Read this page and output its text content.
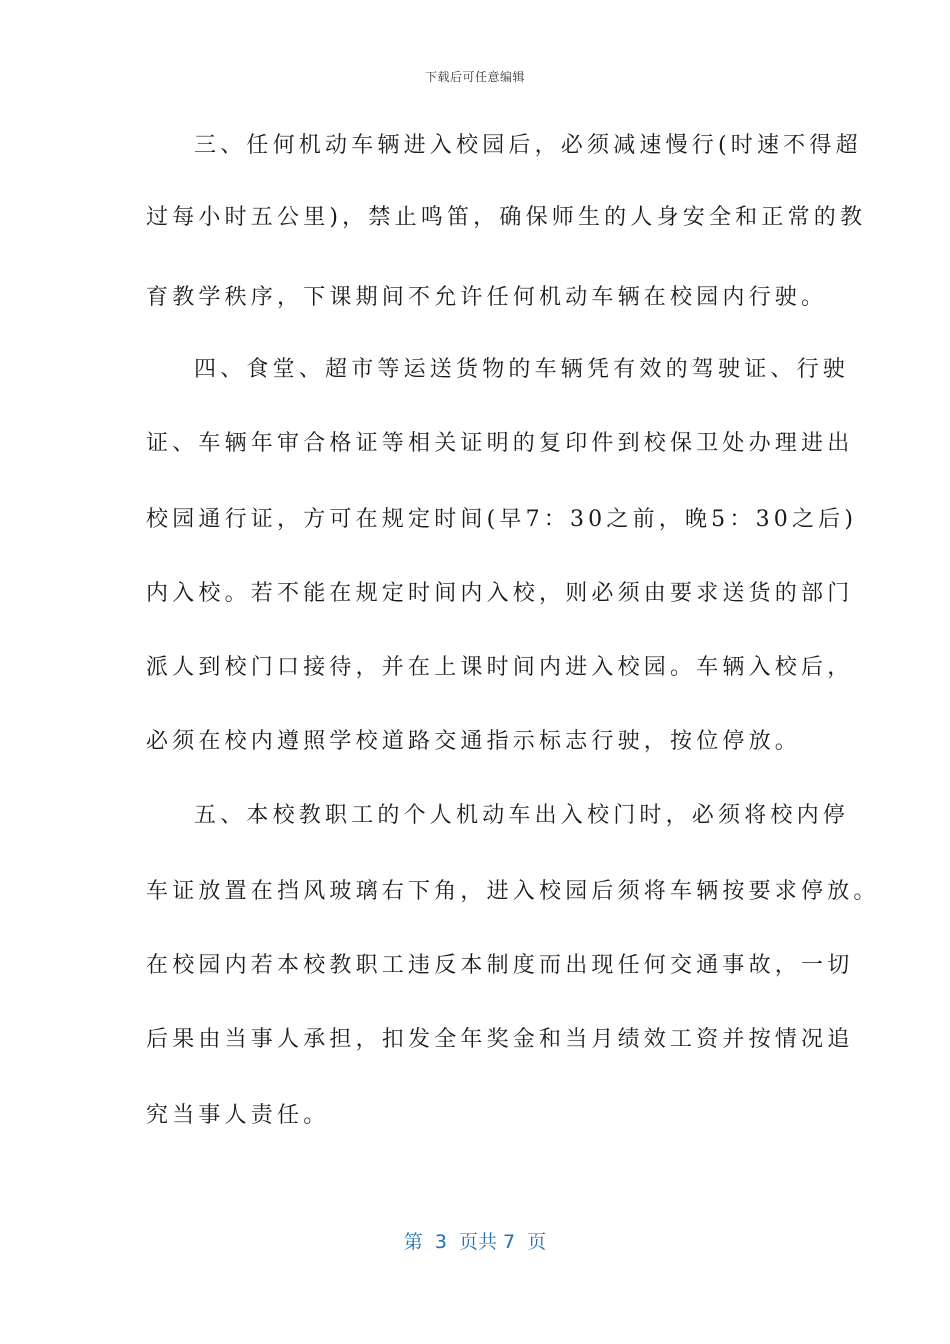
下载后可任意编辑
三、任何机动车辆进入校园后，必须减速慢行(时速不得超
过每小时五公里)，禁止鸣笛，确保师生的人身安全和正常的教
育教学秩序，下课期间不允许任何机动车辆在校园内行驶。
四、食堂、超市等运送货物的车辆凭有效的驾驶证、行驶
证、车辆年审合格证等相关证明的复印件到校保卫处办理进出
校园通行证，方可在规定时间(早7：30之前，晚5：30之后)
内入校。若不能在规定时间内入校，则必须由要求送货的部门
派人到校门口接待，并在上课时间内进入校园。车辆入校后，
必须在校内遵照学校道路交通指示标志行驶，按位停放。
五、本校教职工的个人机动车出入校门时，必须将校内停
车证放置在挡风玻璃右下角，进入校园后须将车辆按要求停放。
在校园内若本校教职工违反本制度而出现任何交通事故，一切
后果由当事人承担，扣发全年奖金和当月绩效工资并按情况追
究当事人责任。
第  3  页共 7  页
